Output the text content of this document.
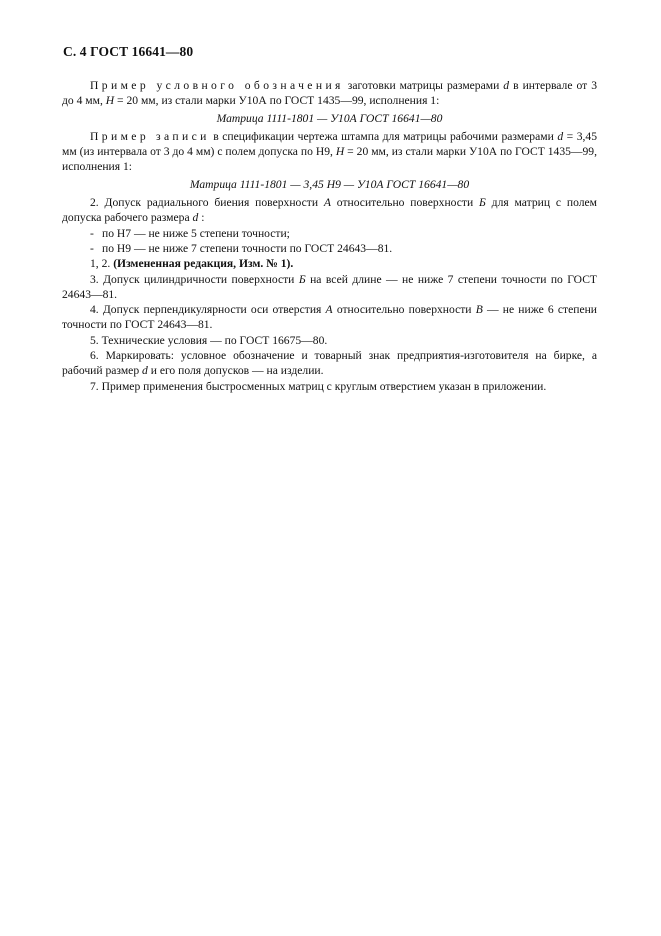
С. 4 ГОСТ 16641—80

Пример условного обозначения заготовки матрицы размерами d в интервале от 3 до 4 мм, H = 20 мм, из стали марки У10А по ГОСТ 1435—99, исполнения 1:

Матрица 1111-1801 — У10А ГОСТ 16641—80

Пример записи в спецификации чертежа штампа для матрицы рабочими размерами d = 3,45 мм (из интервала от 3 до 4 мм) с полем допуска по Н9, H = 20 мм, из стали марки У10А по ГОСТ 1435—99, исполнения 1:

Матрица 1111-1801 — 3,45 Н9 — У10А ГОСТ 16641—80

2. Допуск радиального биения поверхности А относительно поверхности Б для матриц с полем допуска рабочего размера d :

- по Н7 — не ниже 5 степени точности;

- по Н9 — не ниже 7 степени точности по ГОСТ 24643—81.

1, 2. (Измененная редакция, Изм. № 1).

3. Допуск цилиндричности поверхности Б на всей длине — не ниже 7 степени точности по ГОСТ 24643—81.

4. Допуск перпендикулярности оси отверстия А относительно поверхности В — не ниже 6 степени точности по ГОСТ 24643—81.

5. Технические условия — по ГОСТ 16675—80.

6. Маркировать: условное обозначение и товарный знак предприятия-изготовителя на бирке, а рабочий размер d и его поля допусков — на изделии.

7. Пример применения быстросменных матриц с круглым отверстием указан в приложении.
